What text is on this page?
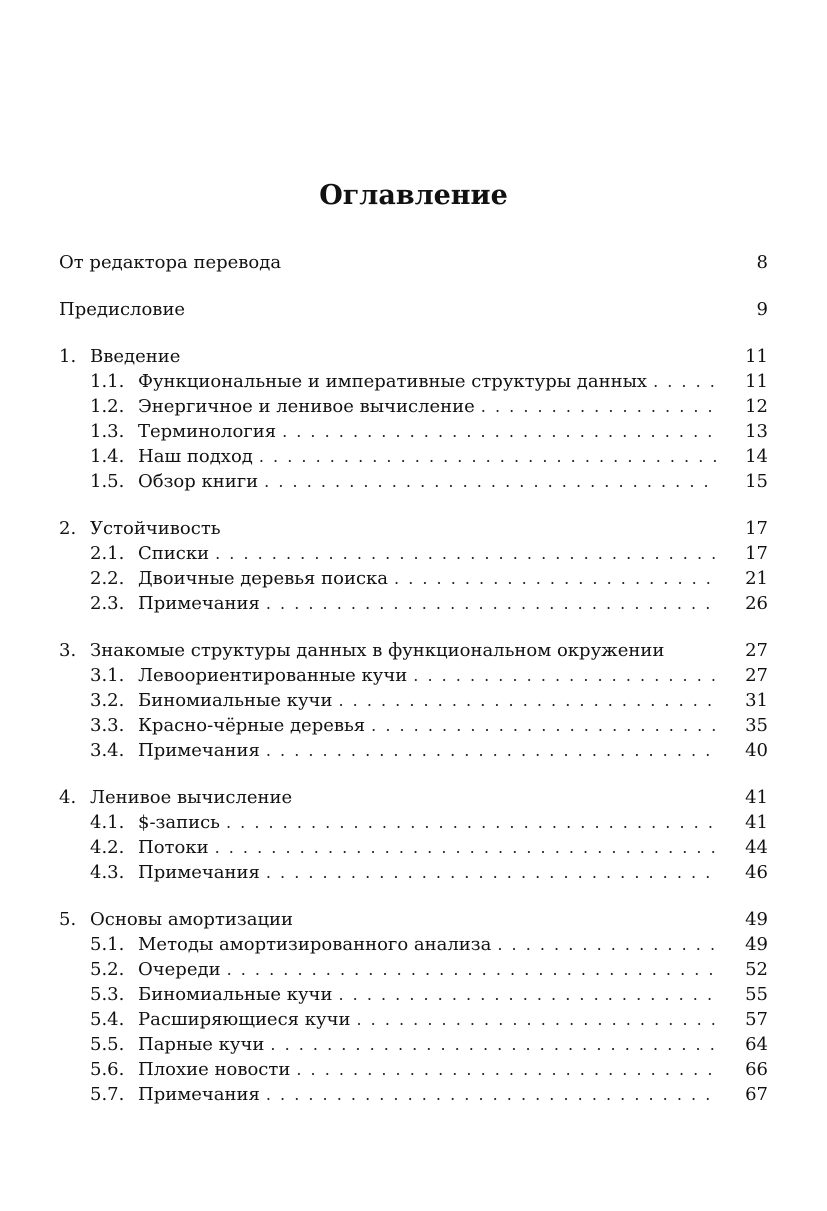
Оглавление
От редактора перевода	8
Предисловие	9
1. Введение	11
1.1. Функциональные и императивные структуры данных . . .	11
1.2. Энергичное и ленивое вычисление . . .	12
1.3. Терминология . . .	13
1.4. Наш подход . . .	14
1.5. Обзор книги . . .	15
2. Устойчивость	17
2.1. Списки . . .	17
2.2. Двоичные деревья поиска . . .	21
2.3. Примечания . . .	26
3. Знакомые структуры данных в функциональном окружении	27
3.1. Левоориентированные кучи . . .	27
3.2. Биномиальные кучи . . .	31
3.3. Красно-чёрные деревья . . .	35
3.4. Примечания . . .	40
4. Ленивое вычисление	41
4.1. $-запись . . .	41
4.2. Потоки . . .	44
4.3. Примечания . . .	46
5. Основы амортизации	49
5.1. Методы амортизированного анализа . . .	49
5.2. Очереди . . .	52
5.3. Биномиальные кучи . . .	55
5.4. Расширяющиеся кучи . . .	57
5.5. Парные кучи . . .	64
5.6. Плохие новости . . .	66
5.7. Примечания . . .	67
